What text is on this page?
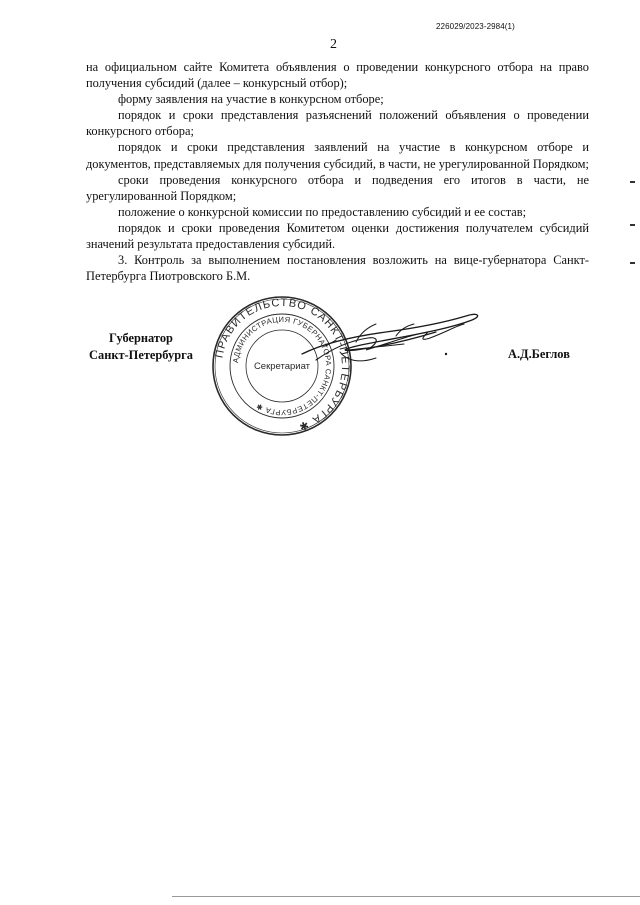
226029/2023-2984(1)
2

на официальном сайте Комитета объявления о проведении конкурсного отбора на право получения субсидий (далее – конкурсный отбор);

форму заявления на участие в конкурсном отборе;

порядок и сроки представления разъяснений положений объявления о проведении конкурсного отбора;

порядок и сроки представления заявлений на участие в конкурсном отборе и документов, представляемых для получения субсидий, в части, не урегулированной Порядком;

сроки проведения конкурсного отбора и подведения его итогов в части, не урегулированной Порядком;

положение о конкурсной комиссии по предоставлению субсидий и ее состав;

порядок и сроки проведения Комитетом оценки достижения получателем субсидий значений результата предоставления субсидий.

3. Контроль за выполнением постановления возложить на вице-губернатора Санкт-Петербурга Пиотровского Б.М.

Губернатор
Санкт-Петербурга ПРАВИТЕЛЬСТВО САНКТ-ПЕТЕРБУРГА ✱
АДМИНИСТРАЦИЯ ГУБЕРНАТОРА САНКТ-ПЕТЕРБУРГА ✱
Секретариат
А.Д.Беглов
